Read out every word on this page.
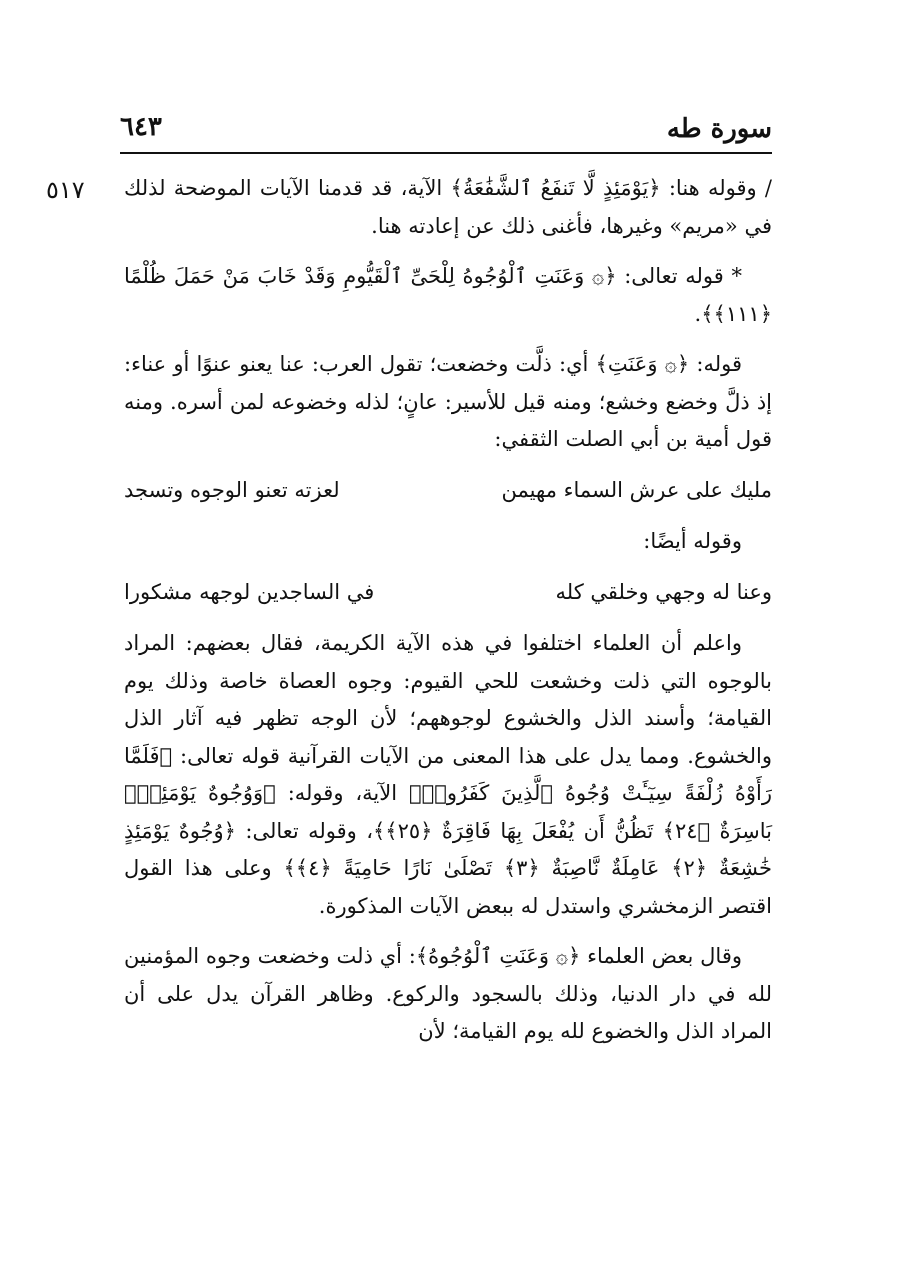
سورة طه
٦٤٣
٥١٧ / وقوله هنا: ﴿يَوْمَئِذٍ لَّا تَنفَعُ ٱلشَّفَٰعَةُ﴾ الآية، قد قدمنا الآيات الموضحة لذلك في «مريم» وغيرها، فأغنى ذلك عن إعادته هنا.

* قوله تعالى: ﴿۞ وَعَنَتِ ٱلْوُجُوهُ لِلْحَىِّ ٱلْقَيُّومِ وَقَدْ خَابَ مَنْ حَمَلَ ظُلْمًا ﴿١١١﴾﴾.

قوله: ﴿۞ وَعَنَتِ﴾ أي: ذلَّت وخضعت؛ تقول العرب: عنا يعنو عنوًا أو عناء: إذ ذلَّ وخضع وخشع؛ ومنه قيل للأسير: عانٍ؛ لذله وخضوعه لمن أسره. ومنه قول أمية بن أبي الصلت الثقفي:

مليك على عرش السماء مهيمن
لعزته تعنو الوجوه وتسجد

وقوله أيضًا:

وعنا له وجهي وخلقي كله
في الساجدين لوجهه مشكورا

واعلم أن العلماء اختلفوا في هذه الآية الكريمة، فقال بعضهم: المراد بالوجوه التي ذلت وخشعت للحي القيوم: وجوه العصاة خاصة وذلك يوم القيامة؛ وأسند الذل والخشوع لوجوههم؛ لأن الوجه تظهر فيه آثار الذل والخشوع. ومما يدل على هذا المعنى من الآيات القرآنية قوله تعالى: ﴿فَلَمَّا رَأَوْهُ زُلْفَةً سِيٓـَٔتْ وُجُوهُ ٱلَّذِينَ كَفَرُوا۟﴾ الآية، وقوله: ﴿وَوُجُوهٌ يَوْمَئِذٍۭ بَاسِرَةٌ ﴿٢٤﴾ تَظُنُّ أَن يُفْعَلَ بِهَا فَاقِرَةٌ ﴿٢٥﴾﴾، وقوله تعالى: ﴿وُجُوهٌ يَوْمَئِذٍ خَٰشِعَةٌ ﴿٢﴾ عَامِلَةٌ نَّاصِبَةٌ ﴿٣﴾ تَصْلَىٰ نَارًا حَامِيَةً ﴿٤﴾﴾ وعلى هذا القول اقتصر الزمخشري واستدل له ببعض الآيات المذكورة.

وقال بعض العلماء ﴿۞ وَعَنَتِ ٱلْوُجُوهُ﴾: أي ذلت وخضعت وجوه المؤمنين لله في دار الدنيا، وذلك بالسجود والركوع. وظاهر القرآن يدل على أن المراد الذل والخضوع لله يوم القيامة؛ لأن
